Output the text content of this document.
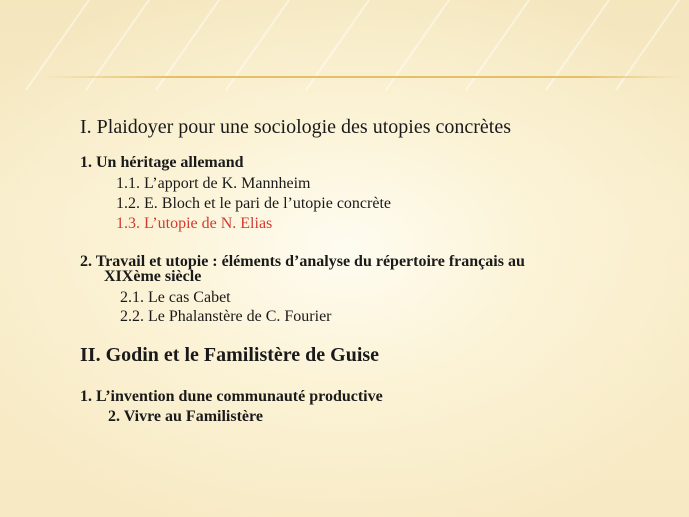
I. Plaidoyer pour une sociologie des utopies concrètes
1. Un héritage allemand
1.1. L’apport de K. Mannheim
1.2. E. Bloch et le pari de l’utopie concrète
1.3. L’utopie de N. Elias
2. Travail et utopie : éléments d’analyse du répertoire français au
XIXème siècle
2.1. Le cas Cabet
2.2. Le Phalanstère de C. Fourier
II. Godin et le Familistère de Guise
1. L’invention dune communauté productive
2. Vivre au Familistère
